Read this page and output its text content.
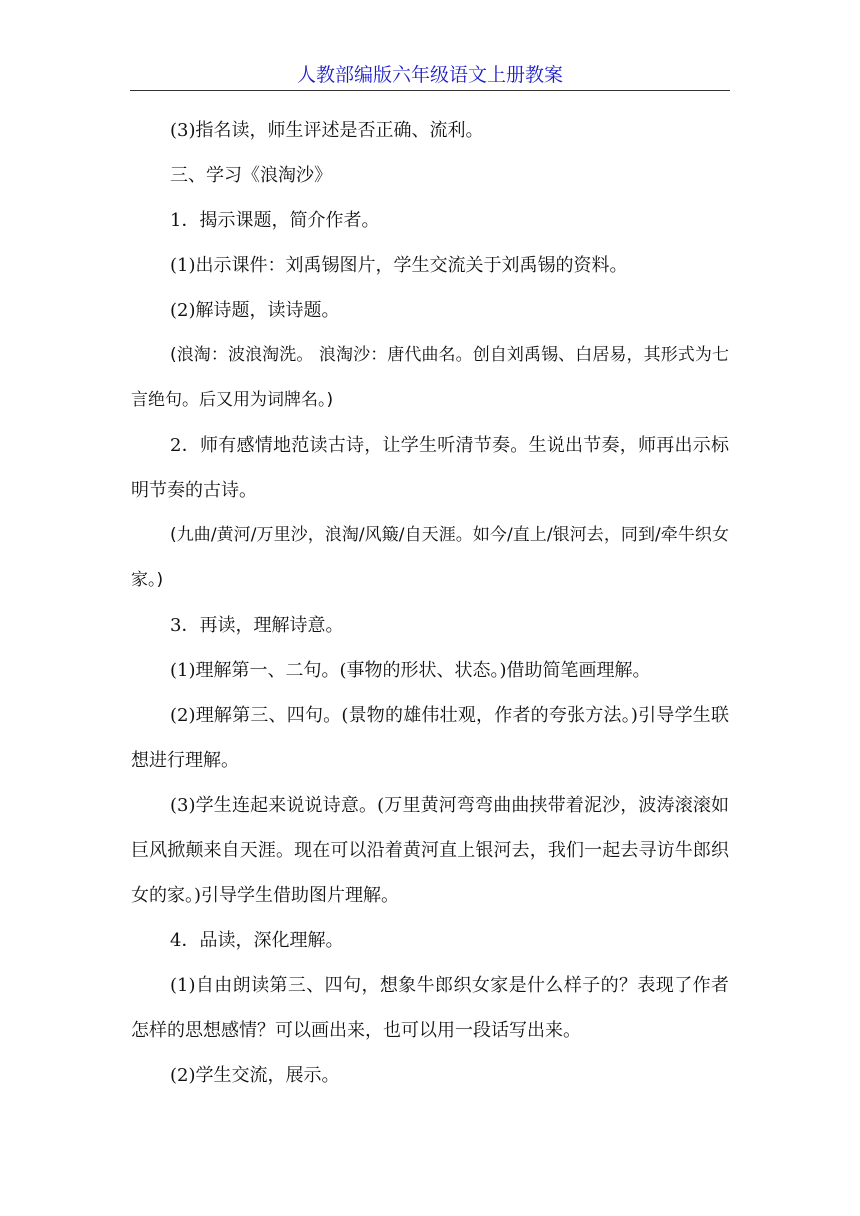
人教部编版六年级语文上册教案

(3)指名读，师生评述是否正确、流利。

三、学习《浪淘沙》

1．揭示课题，简介作者。

(1)出示课件：刘禹锡图片，学生交流关于刘禹锡的资料。

(2)解诗题，读诗题。

(浪淘：波浪淘洗。 浪淘沙：唐代曲名。创自刘禹锡、白居易，其形式为七言绝句。后又用为词牌名。)

2．师有感情地范读古诗，让学生听清节奏。生说出节奏，师再出示标明节奏的古诗。

(九曲/黄河/万里沙，浪淘/风簸/自天涯。如今/直上/银河去，同到/牵牛织女家。)

3．再读，理解诗意。

(1)理解第一、二句。(事物的形状、状态。)借助简笔画理解。

(2)理解第三、四句。(景物的雄伟壮观，作者的夸张方法。)引导学生联想进行理解。

(3)学生连起来说说诗意。(万里黄河弯弯曲曲挟带着泥沙，波涛滚滚如巨风掀颠来自天涯。现在可以沿着黄河直上银河去，我们一起去寻访牛郎织女的家。)引导学生借助图片理解。

4．品读，深化理解。

(1)自由朗读第三、四句，想象牛郎织女家是什么样子的？表现了作者怎样的思想感情？可以画出来，也可以用一段话写出来。

(2)学生交流，展示。
